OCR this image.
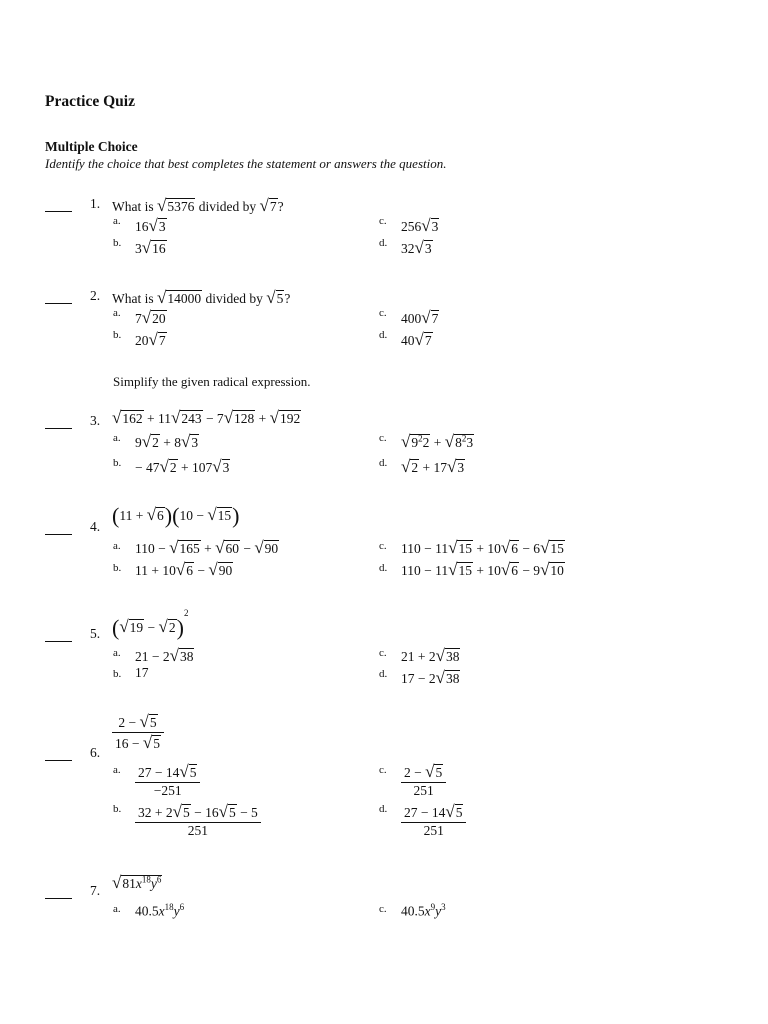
Practice Quiz
Multiple Choice
Identify the choice that best completes the statement or answers the question.
1. What is √5376 divided by √7?
a. 16√3
b. 3√16
c. 256√3
d. 32√3
2. What is √14000 divided by √5?
a. 7√20
b. 20√7
c. 400√7
d. 40√7
Simplify the given radical expression.
3. √162 + 11√243 − 7√128 + √192
a. 9√2 + 8√3
b. − 47√2 + 107√3
c. $√9^22 + √8^23$
d. √2 + 17√3
4. (11 + √6)(10 − √15)
a. 110 − √165 + √60 − √90
b. 11 + 10√6 − √90
c. 110 − 11√15 + 10√6 − 6√15
d. 110 − 11√15 + 10√6 − 9√10
5. $(√19 - √2)^2$
a. 21 − 2√38
b. 17
c. 21 + 2√38
d. 17 − 2√38
6. $\frac{2 - √5}{16 - √5}$
a. $\frac{27 - 14√5}{-251}$
b. $\frac{32 + 2√5 - 16√5 - 5}{251}$
c. $\frac{2 - √5}{251}$
d. $\frac{27 - 14√5}{251}$
7. $√81x^{18}y^6$
a. $40.5x^{18}y^6$	c. $40.5x^9y^3$
